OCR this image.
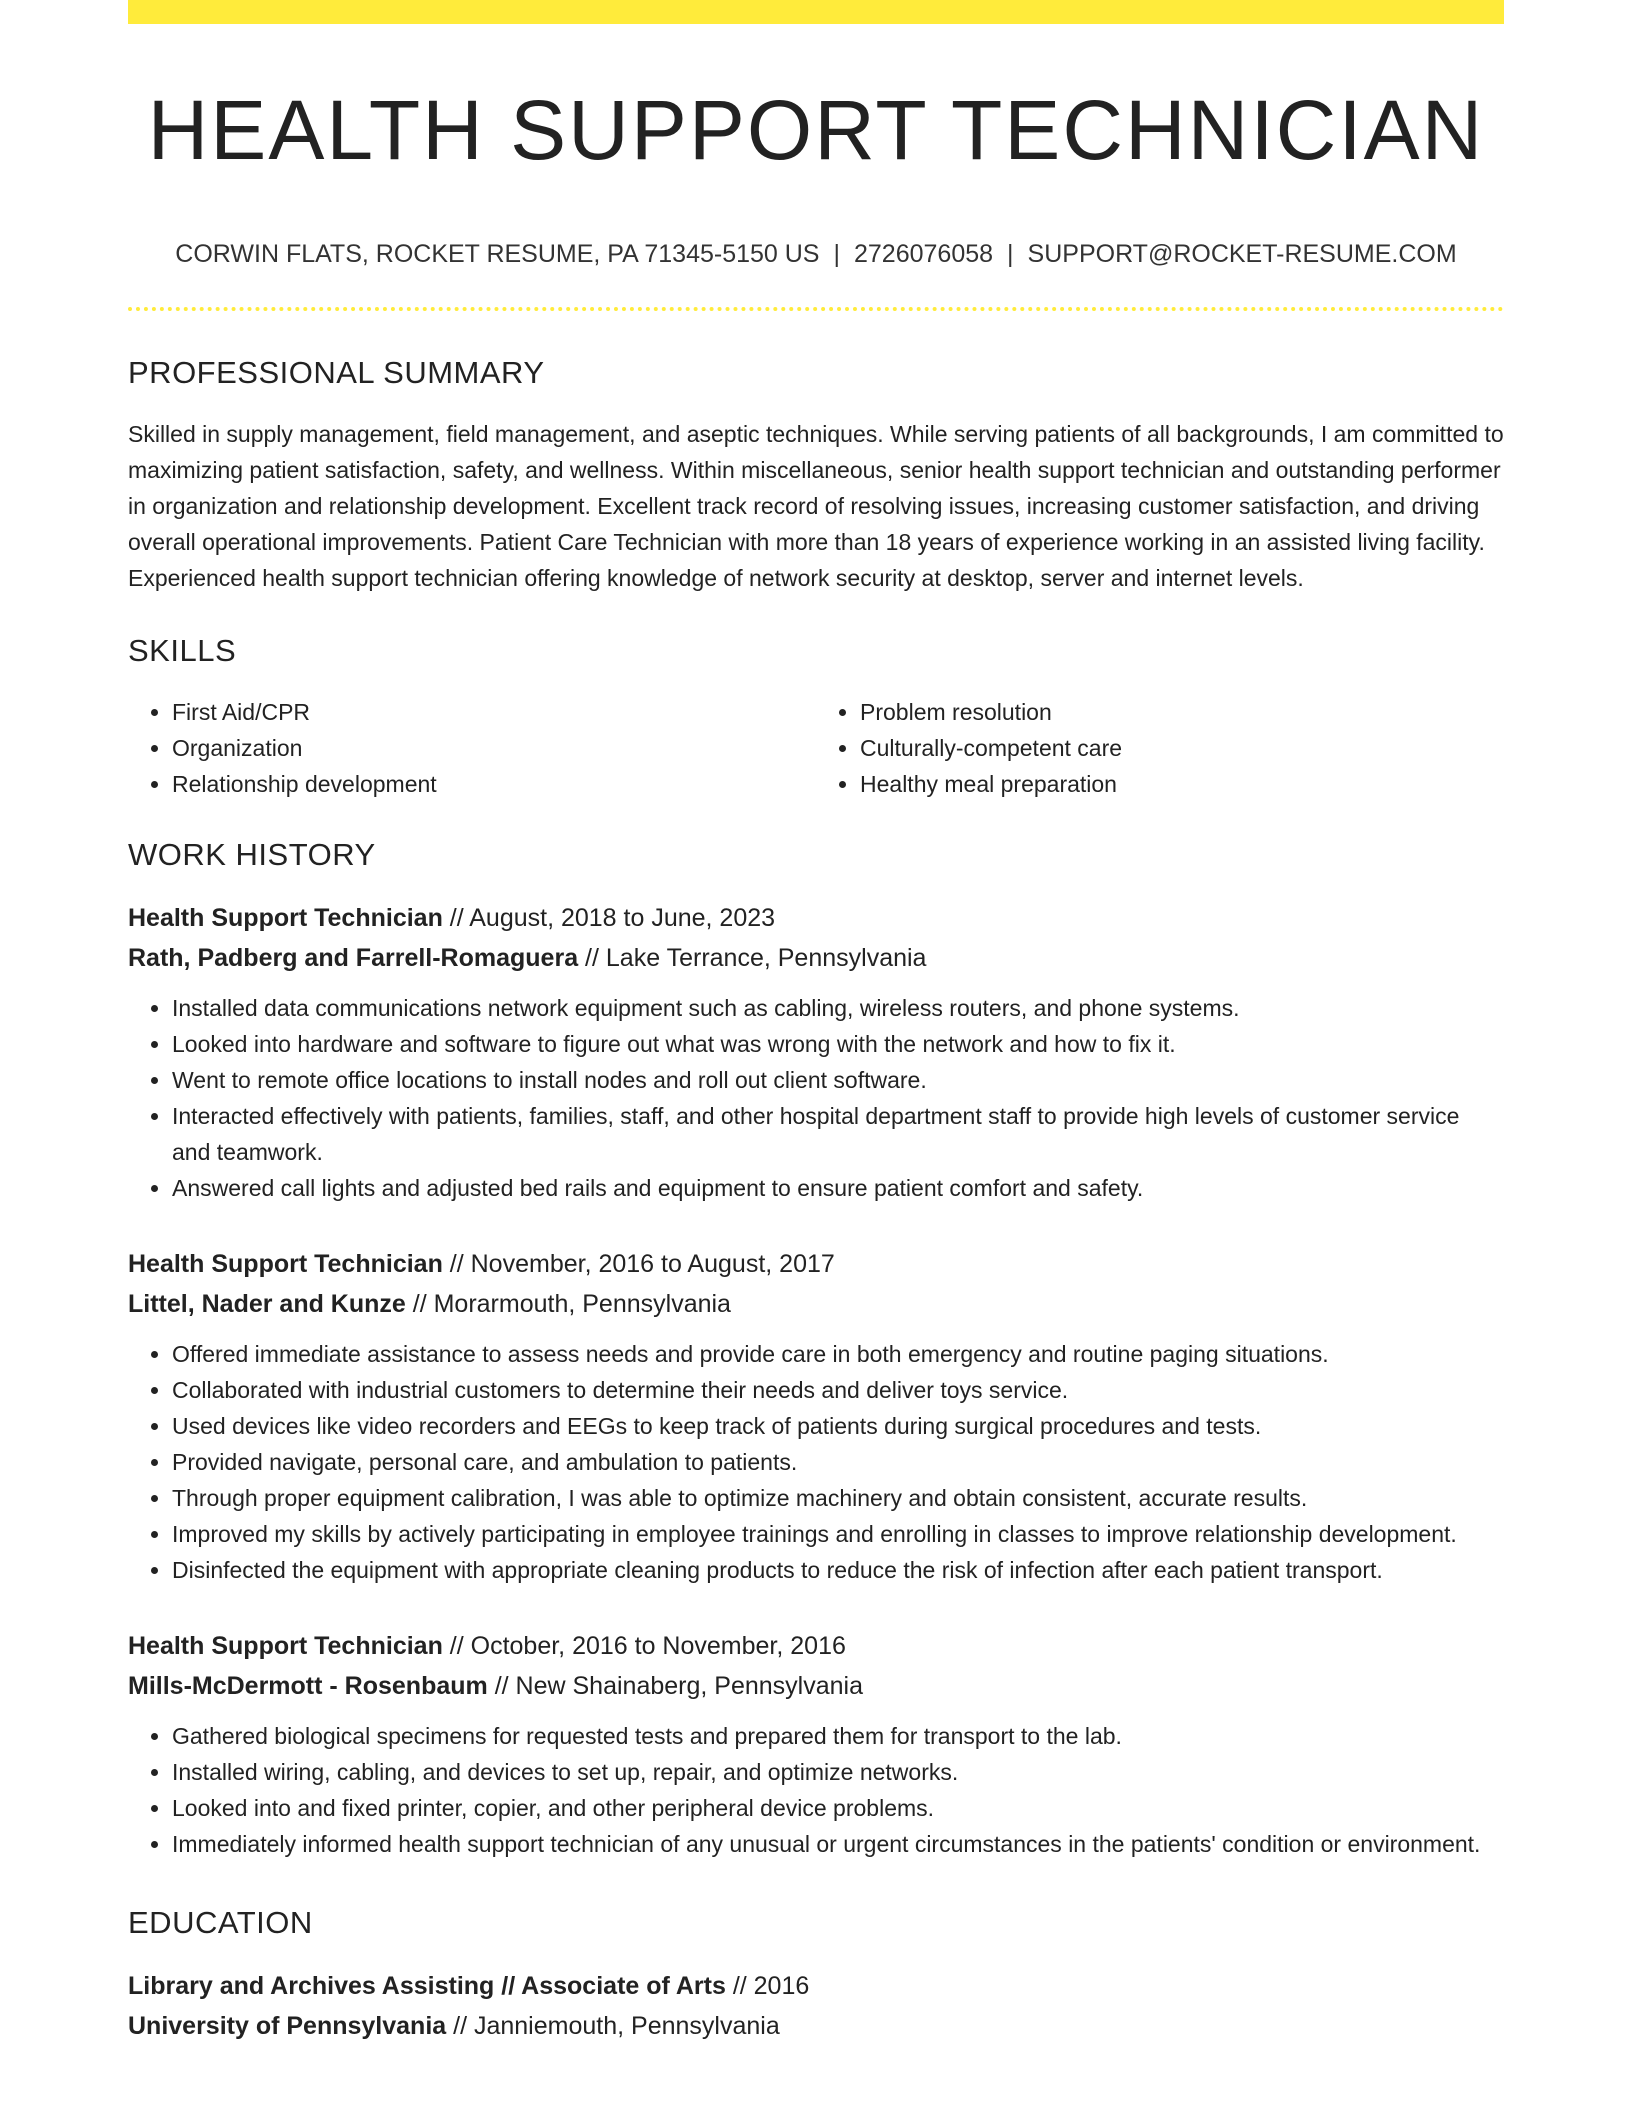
HEALTH SUPPORT TECHNICIAN
CORWIN FLATS, ROCKET RESUME, PA 71345-5150 US | 2726076058 | SUPPORT@ROCKET-RESUME.COM
PROFESSIONAL SUMMARY

Skilled in supply management, field management, and aseptic techniques. While serving patients of all backgrounds, I am committed to maximizing patient satisfaction, safety, and wellness. Within miscellaneous, senior health support technician and outstanding performer in organization and relationship development. Excellent track record of resolving issues, increasing customer satisfaction, and driving overall operational improvements. Patient Care Technician with more than 18 years of experience working in an assisted living facility. Experienced health support technician offering knowledge of network security at desktop, server and internet levels.

SKILLS
• First Aid/CPR
• Organization
• Relationship development
• Problem resolution
• Culturally-competent care
• Healthy meal preparation
WORK HISTORY
Health Support Technician // August, 2018 to June, 2023
Rath, Padberg and Farrell-Romaguera // Lake Terrance, Pennsylvania
• Installed data communications network equipment such as cabling, wireless routers, and phone systems.
• Looked into hardware and software to figure out what was wrong with the network and how to fix it.
• Went to remote office locations to install nodes and roll out client software.
• Interacted effectively with patients, families, staff, and other hospital department staff to provide high levels of customer service and teamwork.
• Answered call lights and adjusted bed rails and equipment to ensure patient comfort and safety.
Health Support Technician // November, 2016 to August, 2017
Littel, Nader and Kunze // Morarmouth, Pennsylvania
• Offered immediate assistance to assess needs and provide care in both emergency and routine paging situations.
• Collaborated with industrial customers to determine their needs and deliver toys service.
• Used devices like video recorders and EEGs to keep track of patients during surgical procedures and tests.
• Provided navigate, personal care, and ambulation to patients.
• Through proper equipment calibration, I was able to optimize machinery and obtain consistent, accurate results.
• Improved my skills by actively participating in employee trainings and enrolling in classes to improve relationship development.
• Disinfected the equipment with appropriate cleaning products to reduce the risk of infection after each patient transport.
Health Support Technician // October, 2016 to November, 2016
Mills-McDermott - Rosenbaum // New Shainaberg, Pennsylvania
• Gathered biological specimens for requested tests and prepared them for transport to the lab.
• Installed wiring, cabling, and devices to set up, repair, and optimize networks.
• Looked into and fixed printer, copier, and other peripheral device problems.
• Immediately informed health support technician of any unusual or urgent circumstances in the patients' condition or environment.
EDUCATION
Library and Archives Assisting // Associate of Arts // 2016
University of Pennsylvania // Janniemouth, Pennsylvania
